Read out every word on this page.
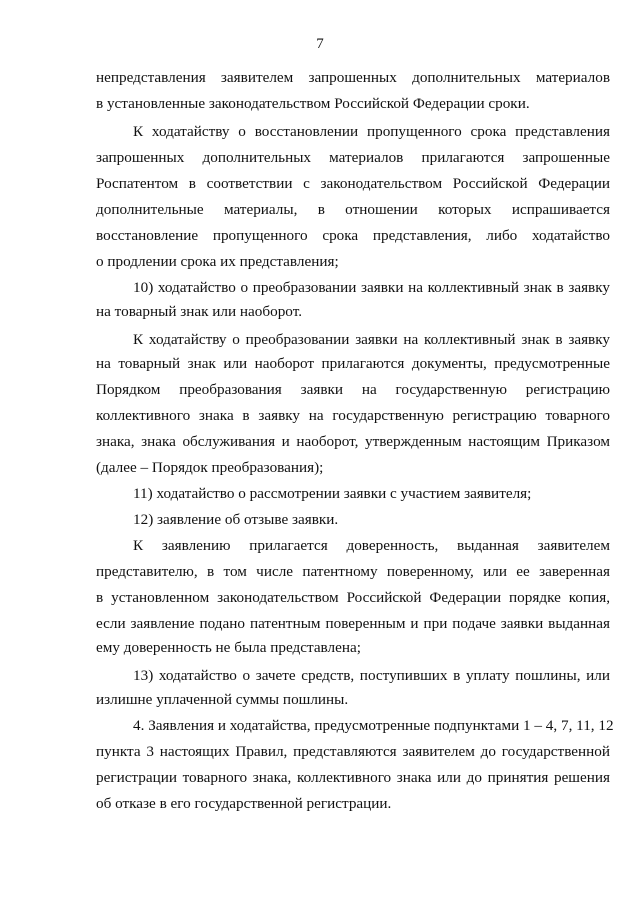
7
непредставления заявителем запрошенных дополнительных материалов
в установленные законодательством Российской Федерации сроки.
К ходатайству о восстановлении пропущенного срока представления
запрошенных дополнительных материалов прилагаются запрошенные
Роспатентом в соответствии с законодательством Российской Федерации
дополнительные материалы, в отношении которых испрашивается
восстановление пропущенного срока представления, либо ходатайство
о продлении срока их представления;
10) ходатайство о преобразовании заявки на коллективный знак в заявку
на товарный знак или наоборот.
К ходатайству о преобразовании заявки на коллективный знак в заявку
на товарный знак или наоборот прилагаются документы, предусмотренные
Порядком преобразования заявки на государственную регистрацию
коллективного знака в заявку на государственную регистрацию товарного
знака, знака обслуживания и наоборот, утвержденным настоящим Приказом
(далее – Порядок преобразования);
11) ходатайство о рассмотрении заявки с участием заявителя;
12) заявление об отзыве заявки.
К заявлению прилагается доверенность, выданная заявителем
представителю, в том числе патентному поверенному, или ее заверенная
в установленном законодательством Российской Федерации порядке копия,
если заявление подано патентным поверенным и при подаче заявки выданная
ему доверенность не была представлена;
13) ходатайство о зачете средств, поступивших в уплату пошлины, или
излишне уплаченной суммы пошлины.
4. Заявления и ходатайства, предусмотренные подпунктами 1 – 4, 7, 11, 12
пункта 3 настоящих Правил, представляются заявителем до государственной
регистрации товарного знака, коллективного знака или до принятия решения
об отказе в его государственной регистрации.
